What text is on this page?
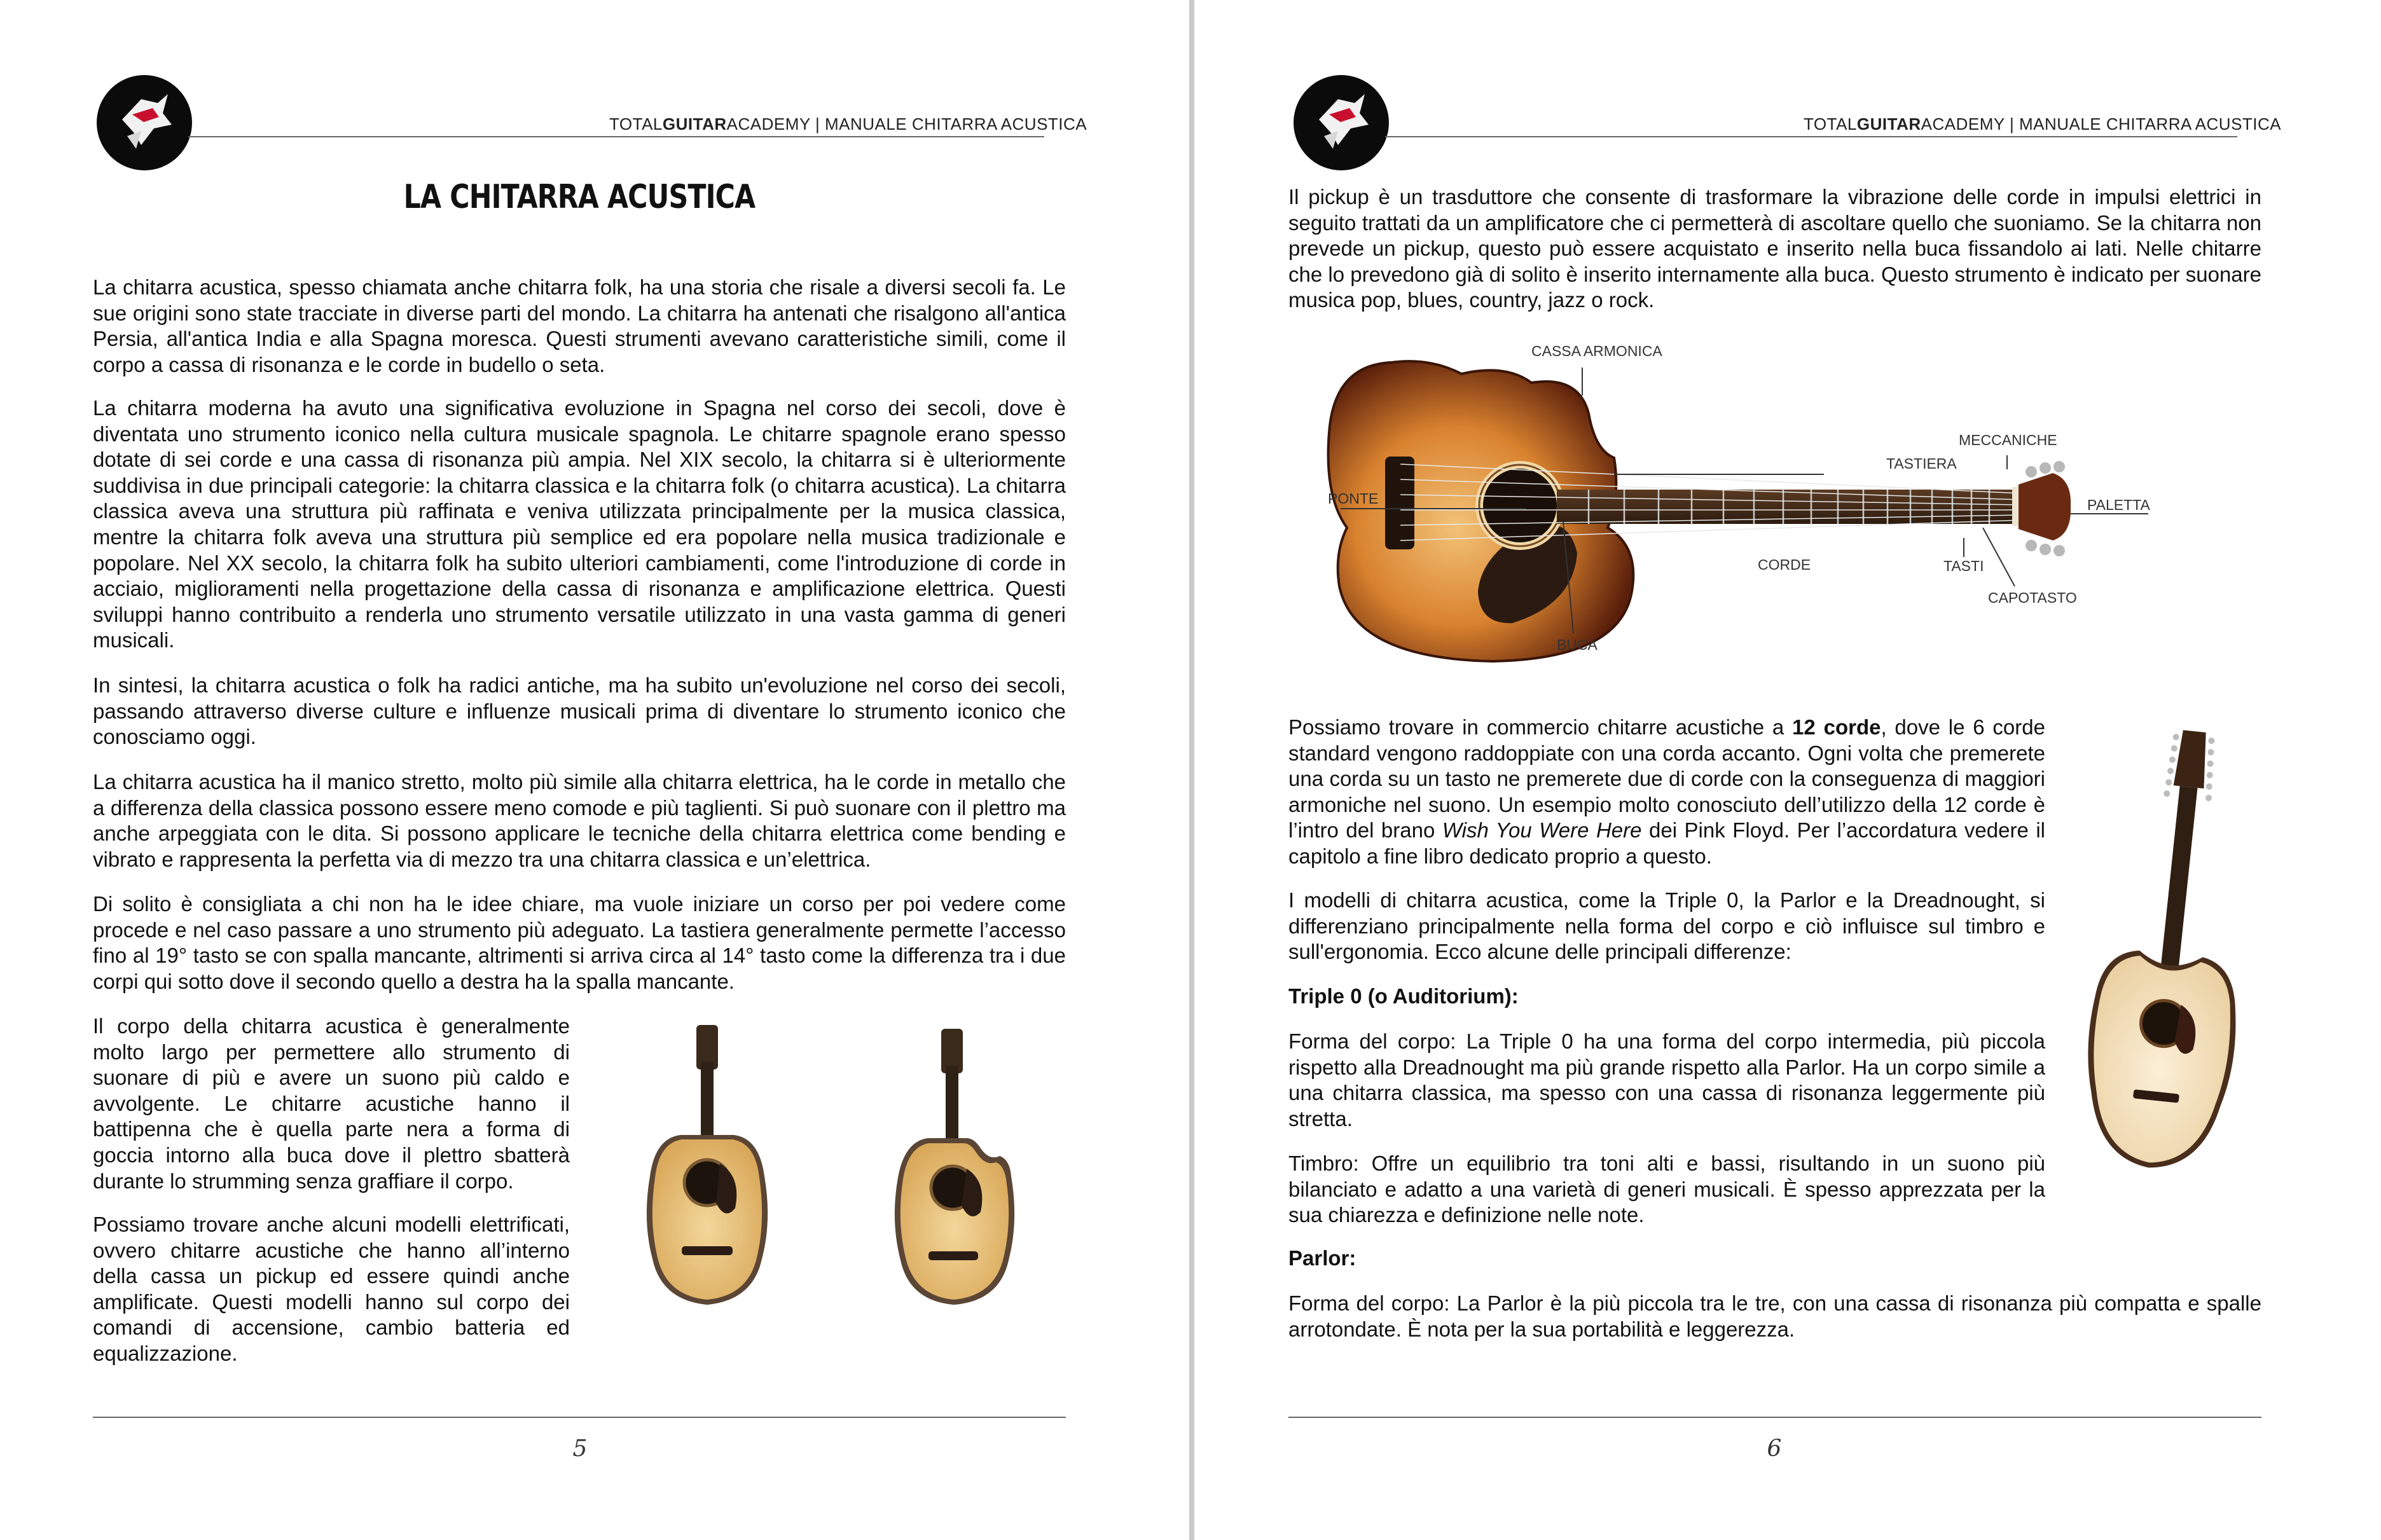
TOTALGUITARACADEMY | MANUALE CHITARRA ACUSTICA
LA CHITARRA ACUSTICA

La chitarra acustica, spesso chiamata anche chitarra folk, ha una storia che risale a diversi secoli fa. Le sue origini sono state tracciate in diverse parti del mondo. La chitarra ha antenati che risalgono all'antica Persia, all'antica India e alla Spagna moresca. Questi strumenti avevano caratteristiche simili, come il corpo a cassa di risonanza e le corde in budello o seta.

La chitarra moderna ha avuto una significativa evoluzione in Spagna nel corso dei secoli, dove è diventata uno strumento iconico nella cultura musicale spagnola. Le chitarre spagnole erano spesso dotate di sei corde e una cassa di risonanza più ampia. Nel XIX secolo, la chitarra si è ulteriormente suddivisa in due principali categorie: la chitarra classica e la chitarra folk (o chitarra acustica). La chitarra classica aveva una struttura più raffinata e veniva utilizzata principalmente per la musica classica, mentre la chitarra folk aveva una struttura più semplice ed era popolare nella musica tradizionale e popolare. Nel XX secolo, la chitarra folk ha subito ulteriori cambiamenti, come l'introduzione di corde in acciaio, miglioramenti nella progettazione della cassa di risonanza e amplificazione elettrica. Questi sviluppi hanno contribuito a renderla uno strumento versatile utilizzato in una vasta gamma di generi musicali.

In sintesi, la chitarra acustica o folk ha radici antiche, ma ha subito un'evoluzione nel corso dei secoli, passando attraverso diverse culture e influenze musicali prima di diventare lo strumento iconico che conosciamo oggi.

La chitarra acustica ha il manico stretto, molto più simile alla chitarra elettrica, ha le corde in metallo che a differenza della classica possono essere meno comode e più taglienti. Si può suonare con il plettro ma anche arpeggiata con le dita. Si possono applicare le tecniche della chitarra elettrica come bending e vibrato e rappresenta la perfetta via di mezzo tra una chitarra classica e un’elettrica.

Di solito è consigliata a chi non ha le idee chiare, ma vuole iniziare un corso per poi vedere come procede e nel caso passare a uno strumento più adeguato. La tastiera generalmente permette l’accesso fino al 19° tasto se con spalla mancante, altrimenti si arriva circa al 14° tasto come la differenza tra i due corpi qui sotto dove il secondo quello a destra ha la spalla mancante.

Il corpo della chitarra acustica è generalmente molto largo per permettere allo strumento di suonare di più e avere un suono più caldo e avvolgente. Le chitarre acustiche hanno il battipenna che è quella parte nera a forma di goccia intorno alla buca dove il plettro sbatterà durante lo strumming senza graffiare il corpo.

Possiamo trovare anche alcuni modelli elettrificati, ovvero chitarre acustiche che hanno all’interno della cassa un pickup ed essere quindi anche amplificate. Questi modelli hanno sul corpo dei comandi di accensione, cambio batteria ed equalizzazione.

5
TOTALGUITARACADEMY | MANUALE CHITARRA ACUSTICA

Il pickup è un trasduttore che consente di trasformare la vibrazione delle corde in impulsi elettrici in seguito trattati da un amplificatore che ci permetterà di ascoltare quello che suoniamo. Se la chitarra non prevede un pickup, questo può essere acquistato e inserito nella buca fissandolo ai lati. Nelle chitarre che lo prevedono già di solito è inserito internamente alla buca. Questo strumento è indicato per suonare musica pop, blues, country, jazz o rock.

CASSA ARMONICA
TASTIERA
MECCANICHE
PALETTA
PONTE
CORDE	TASTI
CAPOTASTO
BUCA

Possiamo trovare in commercio chitarre acustiche a 12 corde, dove le 6 corde standard vengono raddoppiate con una corda accanto. Ogni volta che premerete una corda su un tasto ne premerete due di corde con la conseguenza di maggiori armoniche nel suono. Un esempio molto conosciuto dell’utilizzo della 12 corde è l’intro del brano Wish You Were Here dei Pink Floyd. Per l’accordatura vedere il capitolo a fine libro dedicato proprio a questo.

I modelli di chitarra acustica, come la Triple 0, la Parlor e la Dreadnought, si differenziano principalmente nella forma del corpo e ciò influisce sul timbro e sull'ergonomia. Ecco alcune delle principali differenze:

Triple 0 (o Auditorium):

Forma del corpo: La Triple 0 ha una forma del corpo intermedia, più piccola rispetto alla Dreadnought ma più grande rispetto alla Parlor. Ha un corpo simile a una chitarra classica, ma spesso con una cassa di risonanza leggermente più stretta.

Timbro: Offre un equilibrio tra toni alti e bassi, risultando in un suono più bilanciato e adatto a una varietà di generi musicali. È spesso apprezzata per la sua chiarezza e definizione nelle note.

Parlor:

Forma del corpo: La Parlor è la più piccola tra le tre, con una cassa di risonanza più compatta e spalle arrotondate. È nota per la sua portabilità e leggerezza.

6
